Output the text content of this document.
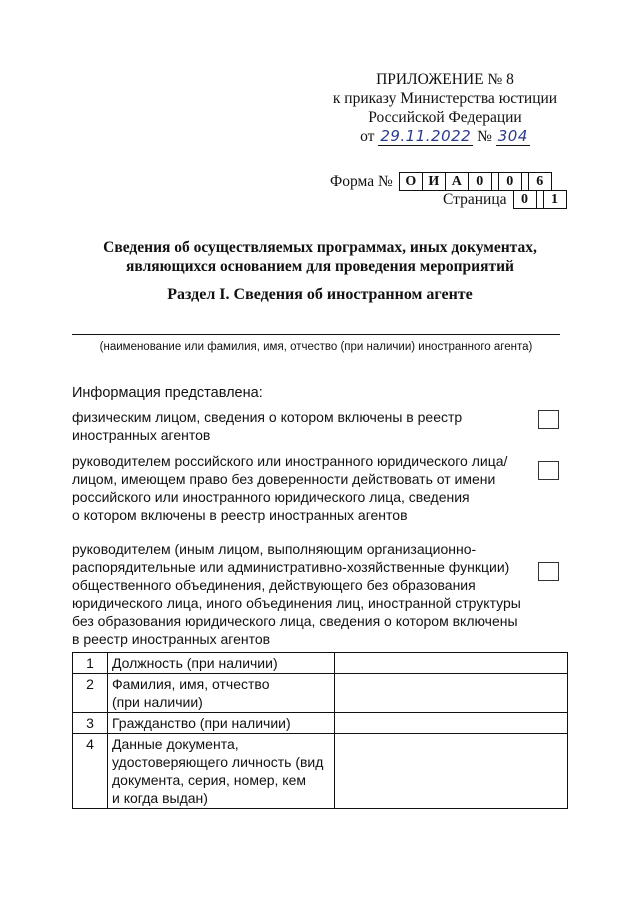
ПРИЛОЖЕНИЕ № 8
к приказу Министерства юстиции
Российской Федерации
от 29.11.2022 № 304
Форма № О И А	0	0	6
Страница	0	1
Сведения об осуществляемых программах, иных документах,
являющихся основанием для проведения мероприятий
Раздел I. Сведения об иностранном агенте
(наименование или фамилия, имя, отчество (при наличии) иностранного агента)
Информация представлена:
физическим лицом, сведения о котором включены в реестр
иностранных агентов
руководителем российского или иностранного юридического лица/
лицом, имеющем право без доверенности действовать от имени
российского или иностранного юридического лица, сведения
о котором включены в реестр иностранных агентов
руководителем (иным лицом, выполняющим организационно-
распорядительные или административно-хозяйственные функции)
общественного объединения, действующего без образования
юридического лица, иного объединения лиц, иностранной структуры
без образования юридического лица, сведения о котором включены
в реестр иностранных агентов
1	Должность (при наличии)	

2	Фамилия, имя, отчество
(при наличии)	

3	Гражданство (при наличии)	

4	Данные документа,
удостоверяющего личность (вид
документа, серия, номер, кем
и когда выдан)	
